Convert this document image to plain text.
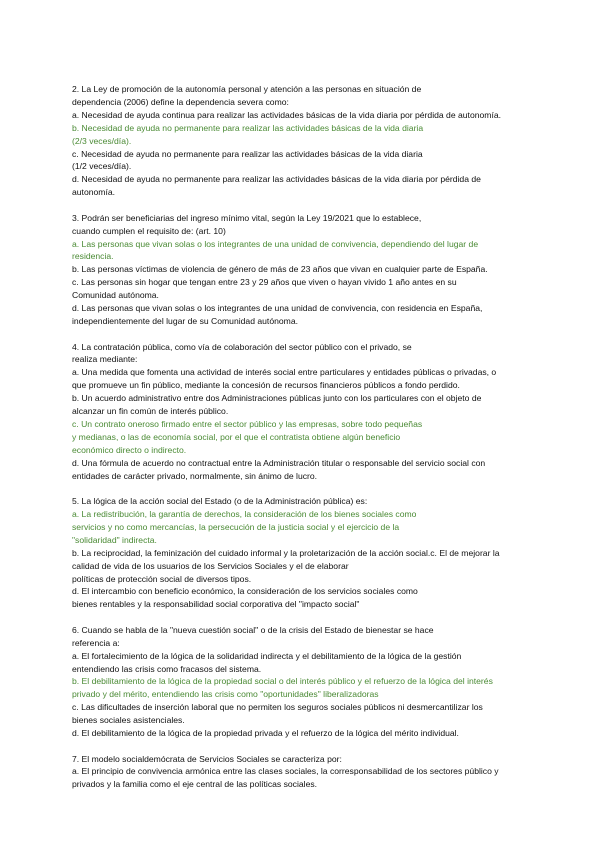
2. La Ley de promoción de la autonomía personal y atención a las personas en situación de
dependencia (2006) define la dependencia severa como:
a. Necesidad de ayuda continua para realizar las actividades básicas de la vida diaria por pérdida de autonomía.
b. Necesidad de ayuda no permanente para realizar las actividades básicas de la vida diaria
(2/3 veces/día).
c. Necesidad de ayuda no permanente para realizar las actividades básicas de la vida diaria
(1/2 veces/día).
d. Necesidad de ayuda no permanente para realizar las actividades básicas de la vida diaria por pérdida de
autonomía.
3. Podrán ser beneficiarias del ingreso mínimo vital, según la Ley 19/2021 que lo establece,
cuando cumplen el requisito de: (art. 10)
a. Las personas que vivan solas o los integrantes de una unidad de convivencia, dependiendo del lugar de
residencia.
b. Las personas víctimas de violencia de género de más de 23 años que vivan en cualquier parte de España.
c. Las personas sin hogar que tengan entre 23 y 29 años que viven o hayan vivido 1 año antes en su
Comunidad autónoma.
d. Las personas que vivan solas o los integrantes de una unidad de convivencia, con residencia en España,
independientemente del lugar de su Comunidad autónoma.
4. La contratación pública, como vía de colaboración del sector público con el privado, se
realiza mediante:
a. Una medida que fomenta una actividad de interés social entre particulares y entidades públicas o privadas, o
que promueve un fin público, mediante la concesión de recursos financieros públicos a fondo perdido.
b. Un acuerdo administrativo entre dos Administraciones públicas junto con los particulares con el objeto de
alcanzar un fin común de interés público.
c. Un contrato oneroso firmado entre el sector público y las empresas, sobre todo pequeñas
y medianas, o las de economía social, por el que el contratista obtiene algún beneficio
económico directo o indirecto.
d. Una fórmula de acuerdo no contractual entre la Administración titular o responsable del servicio social con
entidades de carácter privado, normalmente, sin ánimo de lucro.
5. La lógica de la acción social del Estado (o de la Administración pública) es:
a. La redistribución, la garantía de derechos, la consideración de los bienes sociales como
servicios y no como mercancías, la persecución de la justicia social y el ejercicio de la
"solidaridad" indirecta.
b. La reciprocidad, la feminización del cuidado informal y la proletarización de la acción social.c. El de mejorar la
calidad de vida de los usuarios de los Servicios Sociales y el de elaborar
políticas de protección social de diversos tipos.
d. El intercambio con beneficio económico, la consideración de los servicios sociales como
bienes rentables y la responsabilidad social corporativa del "impacto social"
6. Cuando se habla de la "nueva cuestión social" o de la crisis del Estado de bienestar se hace
referencia a:
a. El fortalecimiento de la lógica de la solidaridad indirecta y el debilitamiento de la lógica de la gestión
entendiendo las crisis como fracasos del sistema.
b. El debilitamiento de la lógica de la propiedad social o del interés público y el refuerzo de la lógica del interés
privado y del mérito, entendiendo las crisis como "oportunidades" liberalizadoras
c. Las dificultades de inserción laboral que no permiten los seguros sociales públicos ni desmercantilizar los
bienes sociales asistenciales.
d. El debilitamiento de la lógica de la propiedad privada y el refuerzo de la lógica del mérito individual.
7. El modelo socialdemócrata de Servicios Sociales se caracteriza por:
a. El principio de convivencia armónica entre las clases sociales, la corresponsabilidad de los sectores público y
privados y la familia como el eje central de las políticas sociales.
